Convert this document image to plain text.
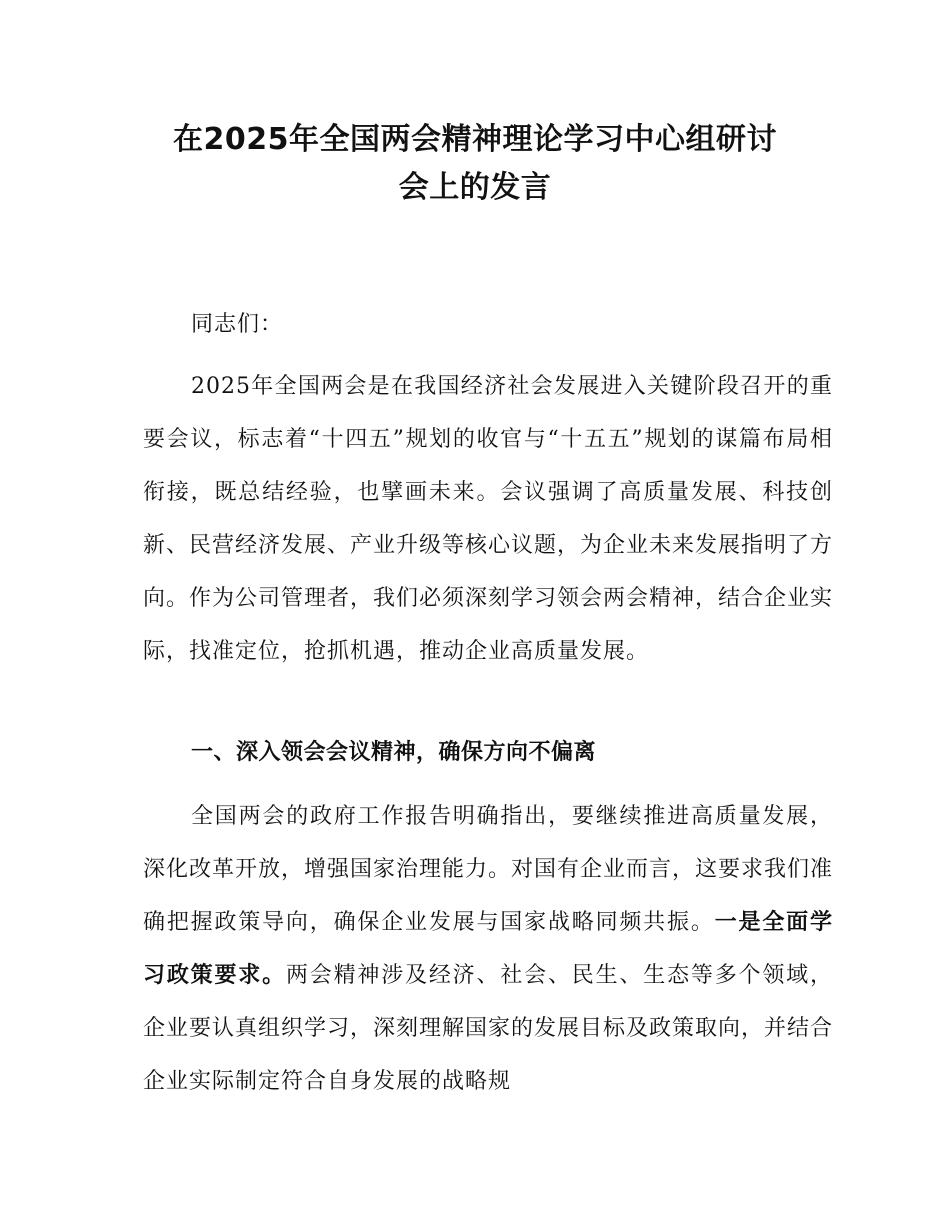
在2025年全国两会精神理论学习中心组研讨
会上的发言

同志们：

2025年全国两会是在我国经济社会发展进入关键阶段召开的重要会议，标志着“十四五”规划的收官与“十五五”规划的谋篇布局相衔接，既总结经验，也擘画未来。会议强调了高质量发展、科技创新、民营经济发展、产业升级等核心议题，为企业未来发展指明了方向。作为公司管理者，我们必须深刻学习领会两会精神，结合企业实际，找准定位，抢抓机遇，推动企业高质量发展。

一、深入领会会议精神，确保方向不偏离

全国两会的政府工作报告明确指出，要继续推进高质量发展，深化改革开放，增强国家治理能力。对国有企业而言，这要求我们准确把握政策导向，确保企业发展与国家战略同频共振。一是全面学习政策要求。两会精神涉及经济、社会、民生、生态等多个领域，企业要认真组织学习，深刻理解国家的发展目标及政策取向，并结合企业实际制定符合自身发展的战略规
